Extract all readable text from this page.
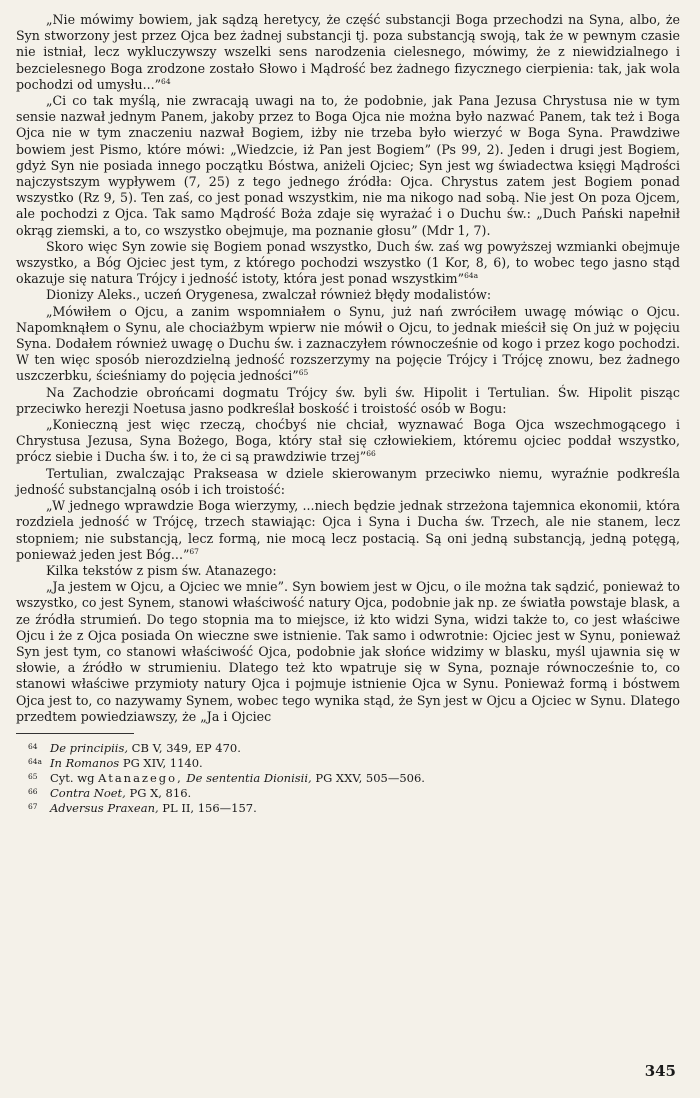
„Nie mówimy bowiem, jak sądzą heretycy, że część substancji Boga przechodzi na Syna, albo, że Syn stworzony jest przez Ojca bez żadnej substancji tj. poza substancją swoją, tak że w pewnym czasie nie istniał, lecz wykluczywszy wszelki sens narodzenia cielesnego, mówimy, że z niewidzialnego i bezcielesnego Boga zrodzone zostało Słowo i Mądrość bez żadnego fizycznego cierpienia: tak, jak wola pochodzi od umysłu...”$^{64}$

„Ci co tak myślą, nie zwracają uwagi na to, że podobnie, jak Pana Jezusa Chrystusa nie w tym sensie nazwał jednym Panem, jakoby przez to Boga Ojca nie można było nazwać Panem, tak też i Boga Ojca nie w tym znaczeniu nazwał Bogiem, iżby nie trzeba było wierzyć w Boga Syna. Prawdziwe bowiem jest Pismo, które mówi: „Wiedzcie, iż Pan jest Bogiem” (Ps 99, 2). Jeden i drugi jest Bogiem, gdyż Syn nie posiada innego początku Bóstwa, aniżeli Ojciec; Syn jest wg świadectwa księgi Mądrości najczystszym wypływem (7, 25) z tego jednego źródła: Ojca. Chrystus zatem jest Bogiem ponad wszystko (Rz 9, 5). Ten zaś, co jest ponad wszystkim, nie ma nikogo nad sobą. Nie jest On poza Ojcem, ale pochodzi z Ojca. Tak samo Mądrość Boża zdaje się wyrażać i o Duchu św.: „Duch Pański napełnił okrąg ziemski, a to, co wszystko obejmuje, ma poznanie głosu” (Mdr 1, 7).

Skoro więc Syn zowie się Bogiem ponad wszystko, Duch św. zaś wg powyższej wzmianki obejmuje wszystko, a Bóg Ojciec jest tym, z którego pochodzi wszystko (1 Kor, 8, 6), to wobec tego jasno stąd okazuje się natura Trójcy i jedność istoty, która jest ponad wszystkim”$^{64a}$

Dionizy Aleks., uczeń Orygenesa, zwalczał również błędy modalistów:

„Mówiłem o Ojcu, a zanim wspomniałem o Synu, już nań zwróciłem uwagę mówiąc o Ojcu. Napomknąłem o Synu, ale chociażbym wpierw nie mówił o Ojcu, to jednak mieścił się On już w pojęciu Syna. Dodałem również uwagę o Duchu św. i zaznaczyłem równocześnie od kogo i przez kogo pochodzi. W ten więc sposób nierozdzielną jedność rozszerzymy na pojęcie Trójcy i Trójcę znowu, bez żadnego uszczerbku, ścieśniamy do pojęcia jedności”$^{65}$

Na Zachodzie obrońcami dogmatu Trójcy św. byli św. Hipolit i Tertulian. Św. Hipolit pisząc przeciwko herezji Noetusa jasno podkreślał boskość i troistość osób w Bogu:

„Konieczną jest więc rzeczą, choćbyś nie chciał, wyznawać Boga Ojca wszechmogącego i Chrystusa Jezusa, Syna Bożego, Boga, który stał się człowiekiem, któremu ojciec poddał wszystko, prócz siebie i Ducha św. i to, że ci są prawdziwie trzej”$^{66}$

Tertulian, zwalczając Prakseasa w dziele skierowanym przeciwko niemu, wyraźnie podkreśla jedność substancjalną osób i ich troistość:

„W jednego wprawdzie Boga wierzymy, ...niech będzie jednak strzeżona tajemnica ekonomii, która rozdziela jedność w Trójcę, trzech stawiając: Ojca i Syna i Ducha św. Trzech, ale nie stanem, lecz stopniem; nie substancją, lecz formą, nie mocą lecz postacią. Są oni jedną substancją, jedną potęgą, ponieważ jeden jest Bóg...”$^{67}$

Kilka tekstów z pism św. Atanazego:

„Ja jestem w Ojcu, a Ojciec we mnie”. Syn bowiem jest w Ojcu, o ile można tak sądzić, ponieważ to wszystko, co jest Synem, stanowi właściwość natury Ojca, podobnie jak np. ze światła powstaje blask, a ze źródła strumień. Do tego stopnia ma to miejsce, iż kto widzi Syna, widzi także to, co jest właściwe Ojcu i że z Ojca posiada On wieczne swe istnienie. Tak samo i odwrotnie: Ojciec jest w Synu, ponieważ Syn jest tym, co stanowi właściwość Ojca, podobnie jak słońce widzimy w blasku, myśl ujawnia się w słowie, a źródło w strumieniu. Dlatego też kto wpatruje się w Syna, poznaje równocześnie to, co stanowi właściwe przymioty natury Ojca i pojmuje istnienie Ojca w Synu. Ponieważ formą i bóstwem Ojca jest to, co nazywamy Synem, wobec tego wynika stąd, że Syn jest w Ojcu a Ojciec w Synu. Dlatego przedtem powiedziawszy, że „Ja i Ojciec

64	De principiis, CB V, 349, EP 470.
64a In Romanos PG XIV, 1140.
65	Cyt. wg Atanazego, De sententia Dionisii, PG XXV, 505—506.
66	Contra Noet, PG X, 816.
67	Adversus Praxean, PL II, 156—157.
345
